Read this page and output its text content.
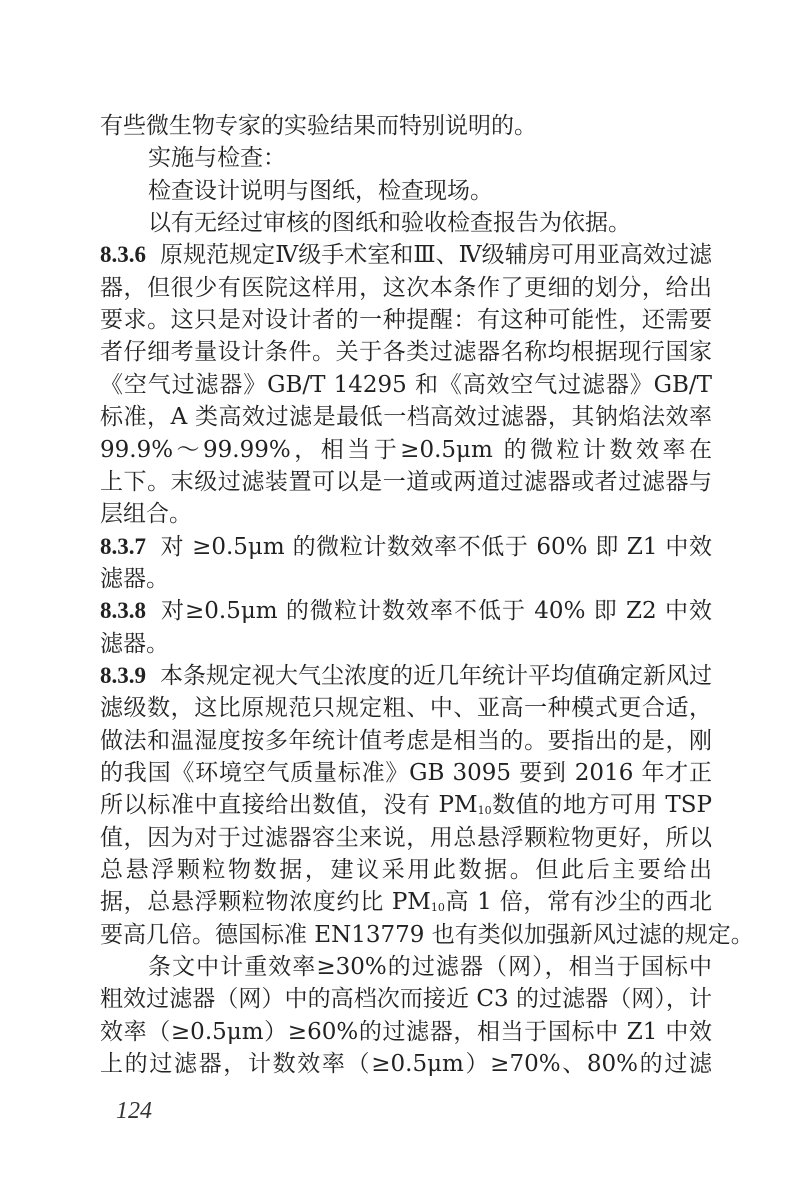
有些微生物专家的实验结果而特别说明的。
实施与检查：
检查设计说明与图纸，检查现场。
以有无经过审核的图纸和验收检查报告为依据。
8.3.6 原规范规定Ⅳ级手术室和Ⅲ、Ⅳ级辅房可用亚高效过滤
器，但很少有医院这样用，这次本条作了更细的划分，给出
要求。这只是对设计者的一种提醒：有这种可能性，还需要
者仔细考量设计条件。关于各类过滤器名称均根据现行国家
《空气过滤器》GB/T 14295 和《高效空气过滤器》GB/T
标准，A 类高效过滤是最低一档高效过滤器，其钠焰法效率
99.9%～99.99%，相当于≥0.5μm 的微粒计数效率在
上下。末级过滤装置可以是一道或两道过滤器或者过滤器与
层组合。
8.3.7 对 ≥0.5μm 的微粒计数效率不低于 60% 即 Z1 中效
滤器。
8.3.8 对≥0.5μm 的微粒计数效率不低于 40% 即 Z2 中效
滤器。
8.3.9 本条规定视大气尘浓度的近几年统计平均值确定新风过
滤级数，这比原规范只规定粗、中、亚高一种模式更合适，
做法和温湿度按多年统计值考虑是相当的。要指出的是，刚
的我国《环境空气质量标准》GB 3095 要到 2016 年才正
所以标准中直接给出数值，没有 PM10数值的地方可用 TSP
值，因为对于过滤器容尘来说，用总悬浮颗粒物更好，所以
总悬浮颗粒物数据，建议采用此数据。但此后主要给出
据，总悬浮颗粒物浓度约比 PM10高 1 倍，常有沙尘的西北
要高几倍。德国标准 EN13779 也有类似加强新风过滤的规定。
条文中计重效率≥30%的过滤器（网），相当于国标中
粗效过滤器（网）中的高档次而接近 C3 的过滤器（网），计
效率（≥0.5μm）≥60%的过滤器，相当于国标中 Z1 中效
上的过滤器，计数效率（≥0.5μm）≥70%、80%的过滤
124
